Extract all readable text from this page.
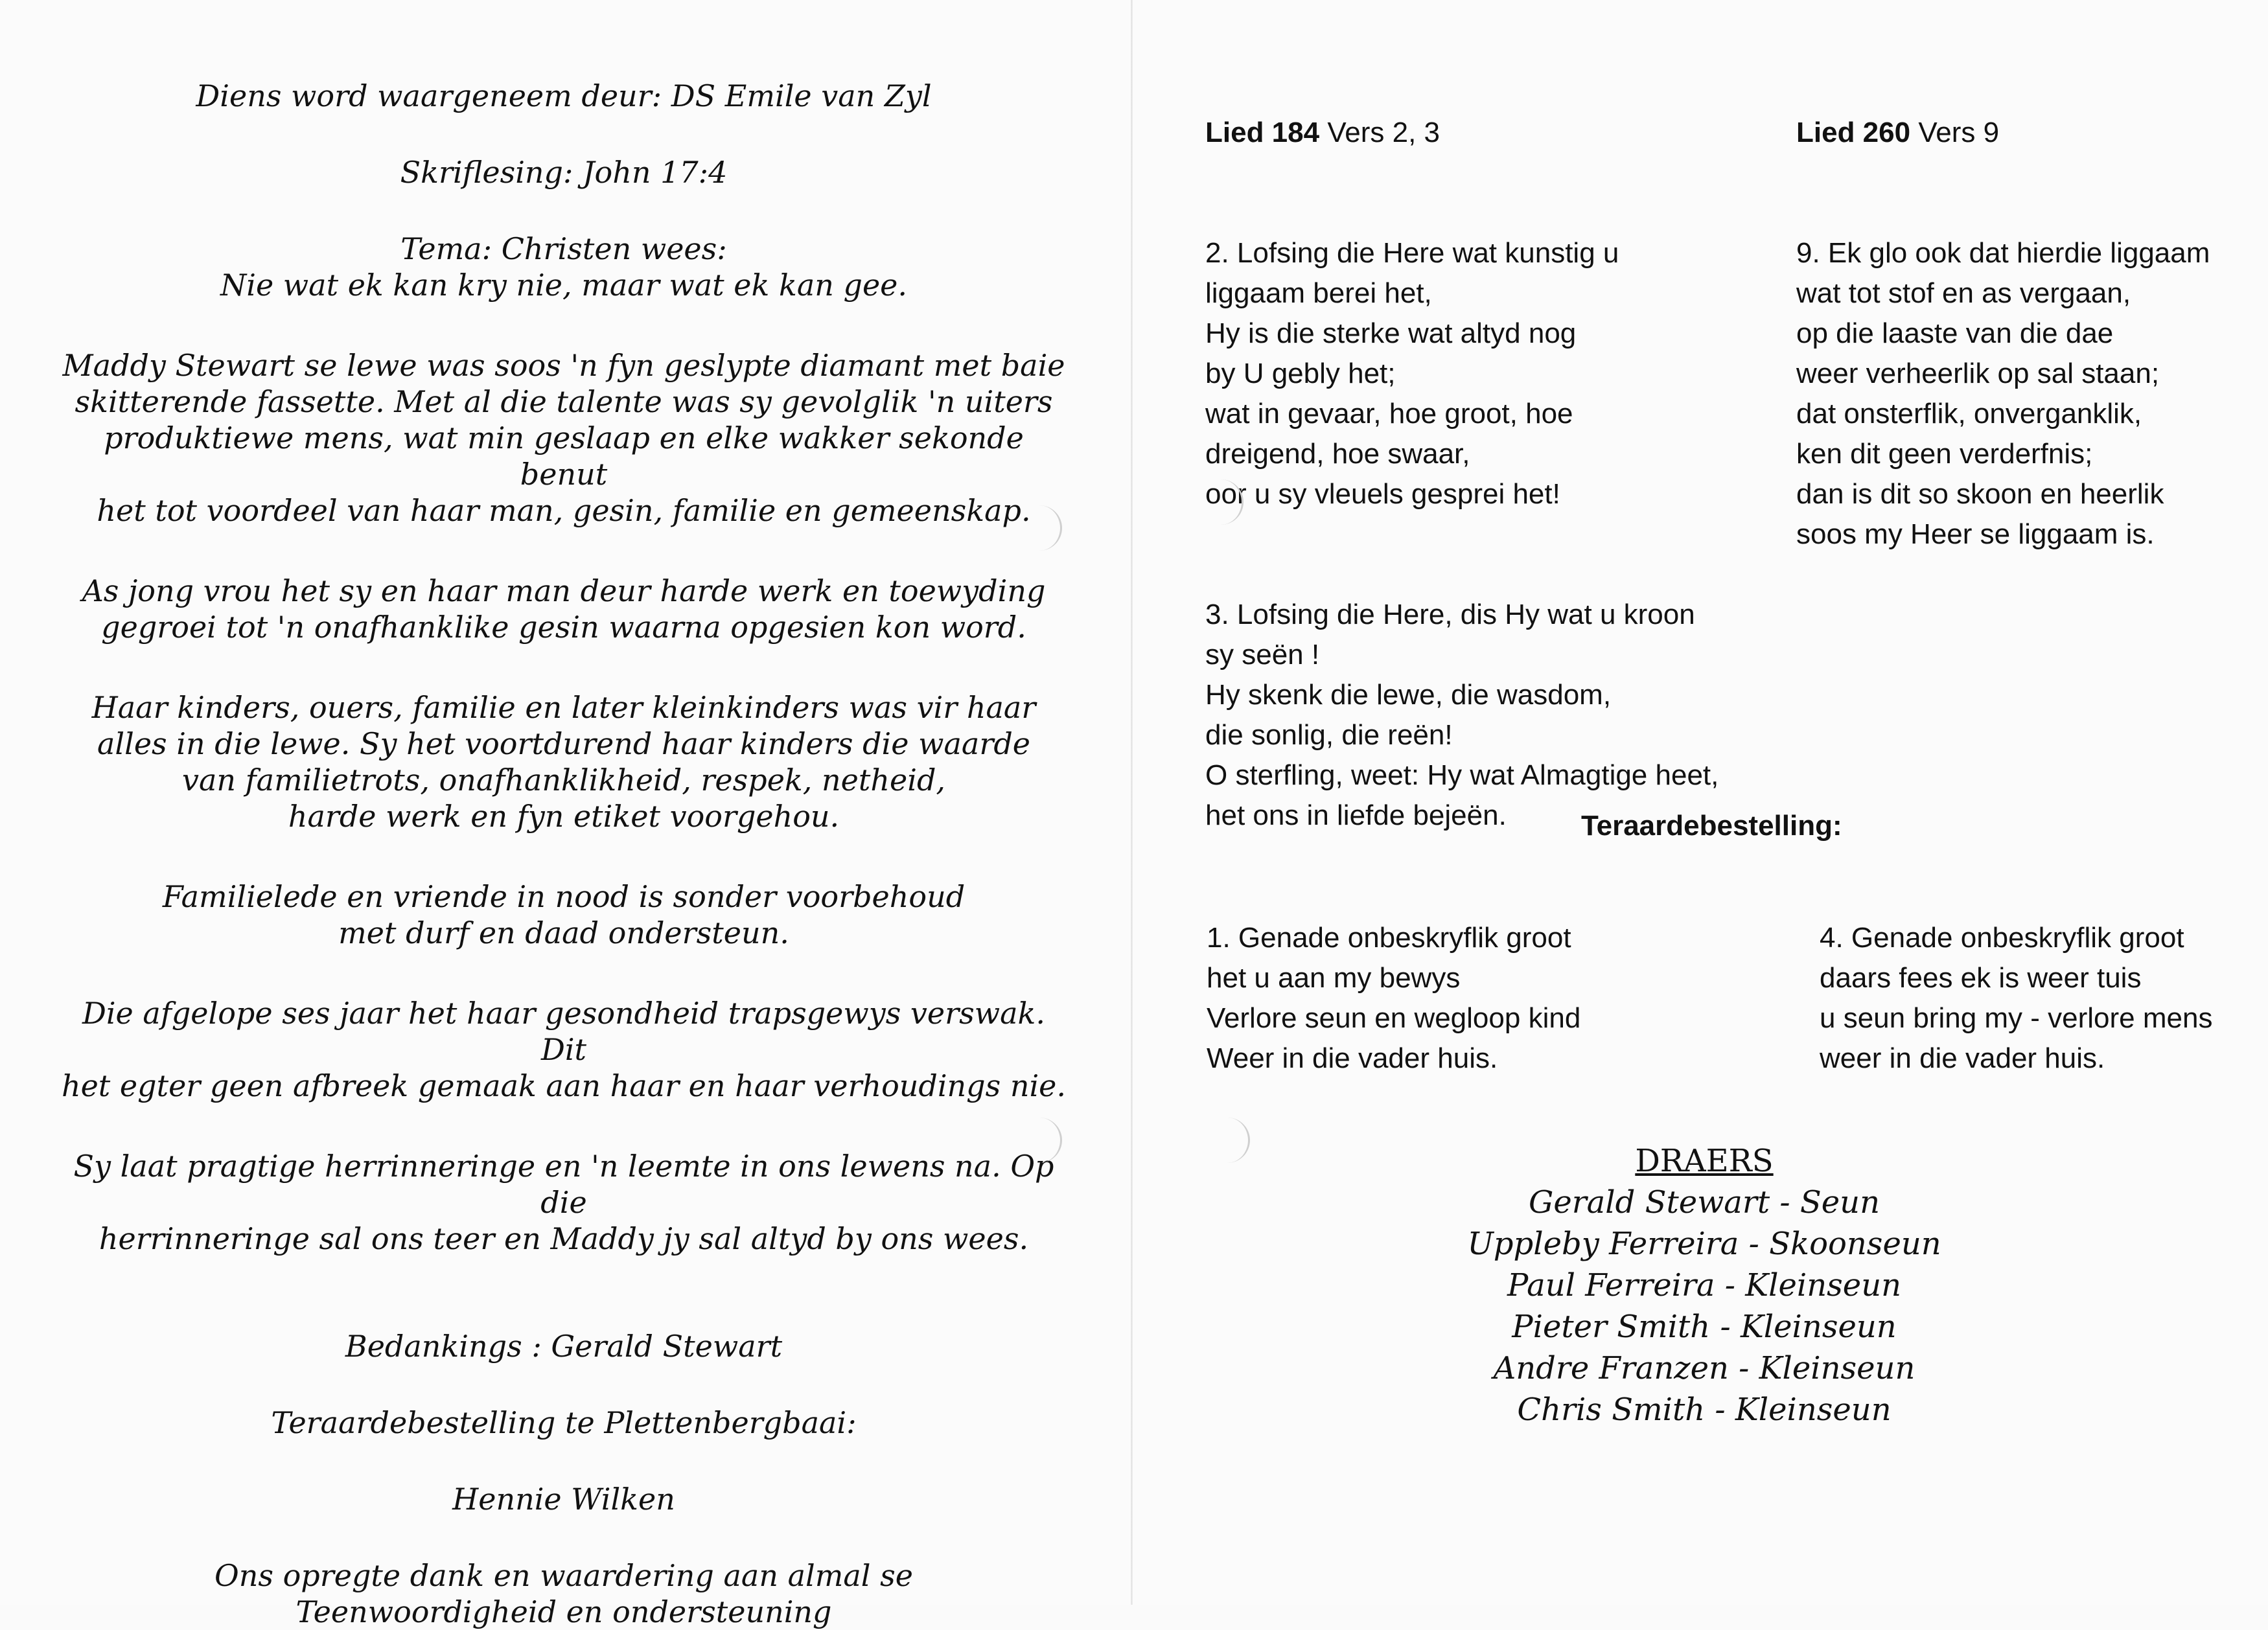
Diens word waargeneem deur: DS Emile van Zyl

Skriflesing: John 17:4

Tema: Christen wees:

Nie wat ek kan kry nie, maar wat ek kan gee.

Maddy Stewart se lewe was soos 'n fyn geslypte diamant met baie

skitterende fassette. Met al die talente was sy gevolglik 'n uiters

produktiewe mens, wat min geslaap en elke wakker sekonde benut

het tot voordeel van haar man, gesin, familie en gemeenskap.

As jong vrou het sy en haar man deur harde werk en toewyding

gegroei tot 'n onafhanklike gesin waarna opgesien kon word.

Haar kinders, ouers, familie en later kleinkinders was vir haar

alles in die lewe. Sy het voortdurend haar kinders die waarde

van familietrots, onafhanklikheid, respek, netheid,

harde werk en fyn etiket voorgehou.

Familielede en vriende in nood is sonder voorbehoud

met durf en daad ondersteun.

Die afgelope ses jaar het haar gesondheid trapsgewys verswak. Dit

het egter geen afbreek gemaak aan haar en haar verhoudings nie.

Sy laat pragtige herrinneringe en 'n leemte in ons lewens na. Op die

herrinneringe sal ons teer en Maddy jy sal altyd by ons wees.

Bedankings : Gerald Stewart

Teraardebestelling te Plettenbergbaai:

Hennie Wilken

Ons opregte dank en waardering aan almal se

Teenwoordigheid en ondersteuning

Lied 184 Vers 2, 3

2. Lofsing die Here wat kunstig u
liggaam berei het,
Hy is die sterke wat altyd nog
by U gebly het;
wat in gevaar, hoe groot, hoe
dreigend, hoe swaar,
oor u sy vleuels gesprei het!

3. Lofsing die Here, dis Hy wat u kroon
sy seën !
Hy skenk die lewe, die wasdom,
die sonlig, die reën!
O sterfling, weet: Hy wat Almagtige heet,
het ons in liefde bejeën.

Lied 260 Vers 9

9. Ek glo ook dat hierdie liggaam
wat tot stof en as vergaan,
op die laaste van die dae
weer verheerlik op sal staan;
dat onsterflik, onverganklik,
ken dit geen verderfnis;
dan is dit so skoon en heerlik
soos my Heer se liggaam is.

Teraardebestelling:

1. Genade onbeskryflik groot
het u aan my bewys
Verlore seun en wegloop kind
Weer in die vader huis.

4. Genade onbeskryflik groot
daars fees ek is weer tuis
u seun bring my - verlore mens
weer in die vader huis.

DRAERS
Gerald Stewart - Seun
Uppleby Ferreira - Skoonseun
Paul Ferreira - Kleinseun
Pieter Smith - Kleinseun
Andre Franzen - Kleinseun
Chris Smith - Kleinseun
